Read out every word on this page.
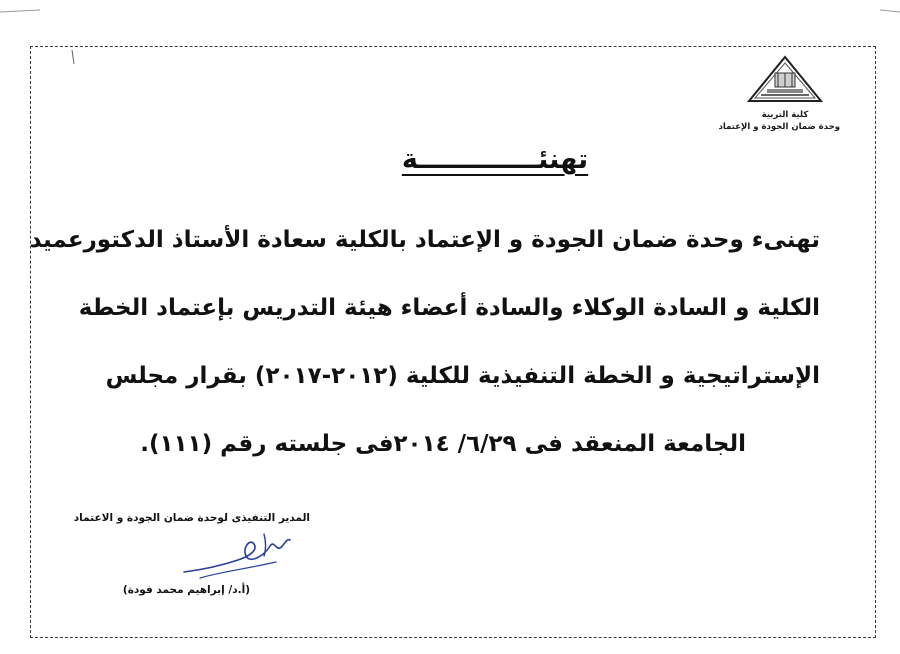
كلية التربية
وحدة ضمان الجودة و الإعتماد
تهنئـــــــــــــة
تهنىء وحدة ضمان الجودة و الإعتماد بالكلية سعادة الأستاذ الدكتورعميد
الكلية و السادة الوكلاء والسادة أعضاء هيئة التدريس بإعتماد الخطة
الإستراتيجية و الخطة التنفيذية للكلية (٢٠١٢-٢٠١٧) بقرار مجلس
الجامعة المنعقد فى ٦/٢٩/ ٢٠١٤فى جلسته رقم (١١١).
المدير التنفيذى لوحدة ضمان الجودة و الاعتماد
(أ.د/ إبراهيم محمد فودة)
